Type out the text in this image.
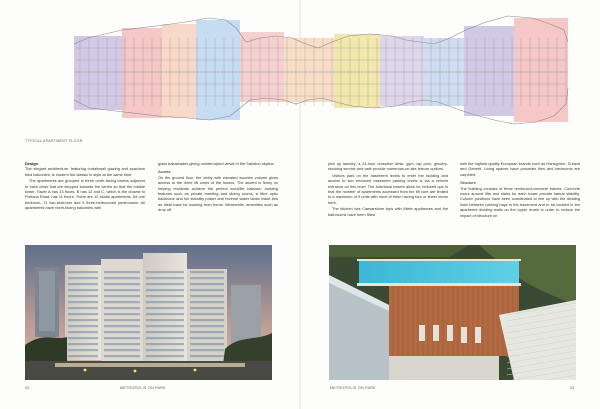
TYPICAL APARTMENT FLOOR

Design

The elegant architecture, featuring curtainwall glazing and spacious tiled balconies, is modern but classic in style at the same time.

The apartments are grouped in three north-facing towers adjacent to each other that are stepped towards the centre so that the middle tower, Tower A has 13 floors, B has 12 and C, which is the closest to Pretoria Road, has 11 floors. There are 12 studio apartments, 54 one bedroom, 71 two-bedroom and 9 three-bedroomed penthouses. All apartments have north-facing balconies with

glass balustrades giving uninterrupted views of the Sandton skyline.

Access

On the ground floor, the lobby with elevated wooden volume gives access to the three lift cores of the towers. The accent is firmly on helping residents achieve the perfect work/life balance: building features such as private meeting and dining rooms, a fibre optic backbone and full standby power and reverse water tanks make this an ideal base for working from home. Meanwhile, amenities such as drop off

pick up laundry, a 24-hour reception desk, gym, lap pool, grocery-stocking service and café provide numerous on-site leisure options.

Visitors park on the basement levels to enter the building and access to two enclosed basement parking levels is via a vehicle entrance on this level. The individual towers allow for reduced ops in that the number of apartments accessed from the lift core are limited to a maximum of 5 units with most of them having four or fewer doors here.

The kitchen has Caesarstone tops with Miele appliances and the bathrooms have been fitted

with the highest quality European brands such as Hansgrohe, Duravit and Geberit. Living spaces have porcelain tiles and bedrooms are carpeted.

Structure

The building consists of three reinforced-concrete frames. Concrete cores around lifts and stairs for each tower provide lateral stability. Column positions have been coordinated to line up with the dividing lines between parking bays in the basement and to be located in the apartment dividing walls on the upper levels in order to reduce the impact of structure on

02	METROPOLIS ON PARK	METROPOLIS ON PARK	03
